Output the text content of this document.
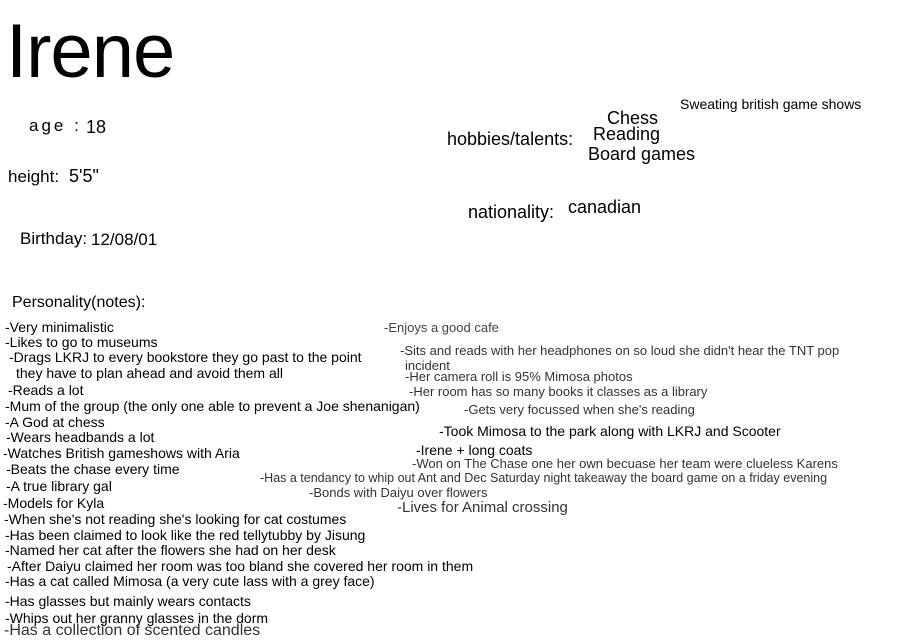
Irene
age : 18
height: 5'5"
Birthday: 12/08/01
hobbies/talents:
Chess
Reading
Board games
Sweating british game shows
nationality: canadian
Personality(notes):
-Very minimalistic
-Likes to go to museums
-Drags LKRJ to every bookstore they go past to the point
they have to plan ahead and avoid them all
-Reads a lot
-Mum of the group (the only one able to prevent a Joe shenanigan)
-A God at chess
-Wears headbands a lot
-Watches British gameshows with Aria
-Beats the chase every time
-A true library gal
-Models for Kyla
-When she's not reading she's looking for cat costumes
-Has been claimed to look like the red tellytubby by Jisung
-Named her cat after the flowers she had on her desk
-After Daiyu claimed her room was too bland she covered her room in them
-Has a cat called Mimosa (a very cute lass with a grey face)
-Has glasses but mainly wears contacts
-Whips out her granny glasses in the dorm
-Has a collection of scented candles
-Enjoys a good cafe
-Sits and reads with her headphones on so loud she didn't hear the TNT pop
incident
-Her camera roll is 95% Mimosa photos
-Her room has so many books it classes as a library
-Gets very focussed when she's reading
-Took Mimosa to the park along with LKRJ and Scooter
-Irene + long coats
-Won on The Chase one her own becuase her team were clueless Karens
-Has a tendancy to whip out Ant and Dec Saturday night takeaway the board game on a friday evening
-Bonds with Daiyu over flowers
-Lives for Animal crossing
